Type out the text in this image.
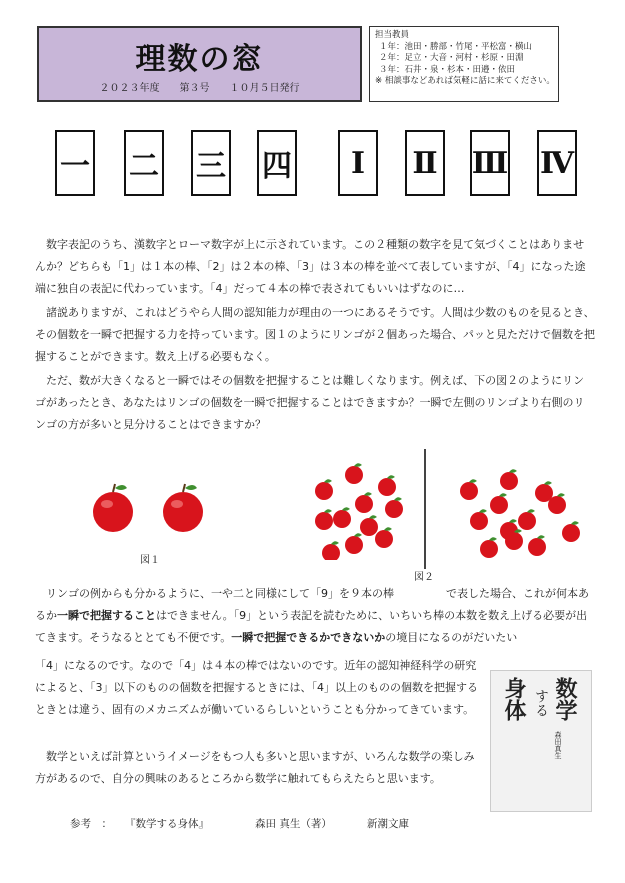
理数の窓
２０２３年度　　第３号　　１０月５日発行
担当教員
１年：池田・勝部・竹尾・平松富・横山
２年：足立・大音・河村・杉原・田淵
３年：石井・泉・杉本・田邉・依田
※ 相談事などあれば気軽に話に来てください。
一 二 三 四	Ⅰ	Ⅱ Ⅲ Ⅳ
数字表記のうち、漢数字とローマ数字が上に示されています。この２種類の数字を見て気づくことはありませんか？どちらも「1」は１本の棒、「2」は２本の棒、「3」は３本の棒を並べて表していますが、「4」になった途端に独自の表記に代わっています。「4」だって４本の棒で表されてもいいはずなのに…
諸説ありますが、これはどうやら人間の認知能力が理由の一つにあるそうです。人間は少数のものを見るとき、その個数を一瞬で把握する力を持っています。図１のようにリンゴが２個あった場合、パッと見ただけで個数を把握することができます。数え上げる必要もなく。
ただ、数が大きくなると一瞬ではその個数を把握することは難しくなります。例えば、下の図２のようにリンゴがあったとき、あなたはリンゴの個数を一瞬で把握することはできますか？一瞬で左側のリンゴより右側のリンゴの方が多いと見分けることはできますか？
図１
図２
リンゴの例からも分かるように、一や二と同様にして「9」を９本の棒	で表した場合、これが何本あるか一瞬で把握することはできません。「9」という表記を読むために、いちいち棒の本数を数え上げる必要が出てきます。そうなるととても不便です。一瞬で把握できるかできないかの境目になるのがだいたい
「4」になるのです。なので「4」は４本の棒ではないのです。近年の認知神経科学の研究によると、「3」以下のものの個数を把握するときには、「4」以上のものの個数を把握するときとは違う、固有のメカニズムが働いているらしいということも分かってきています。
数学といえば計算というイメージをもつ人も多いと思いますが、いろんな数学の楽しみ方があるので、自分の興味のあるところから数学に触れてもらえたらと思います。
数学
する
身体
森田真生
参考　： 『数学する身体』	森田 真生（著）	新潮文庫
